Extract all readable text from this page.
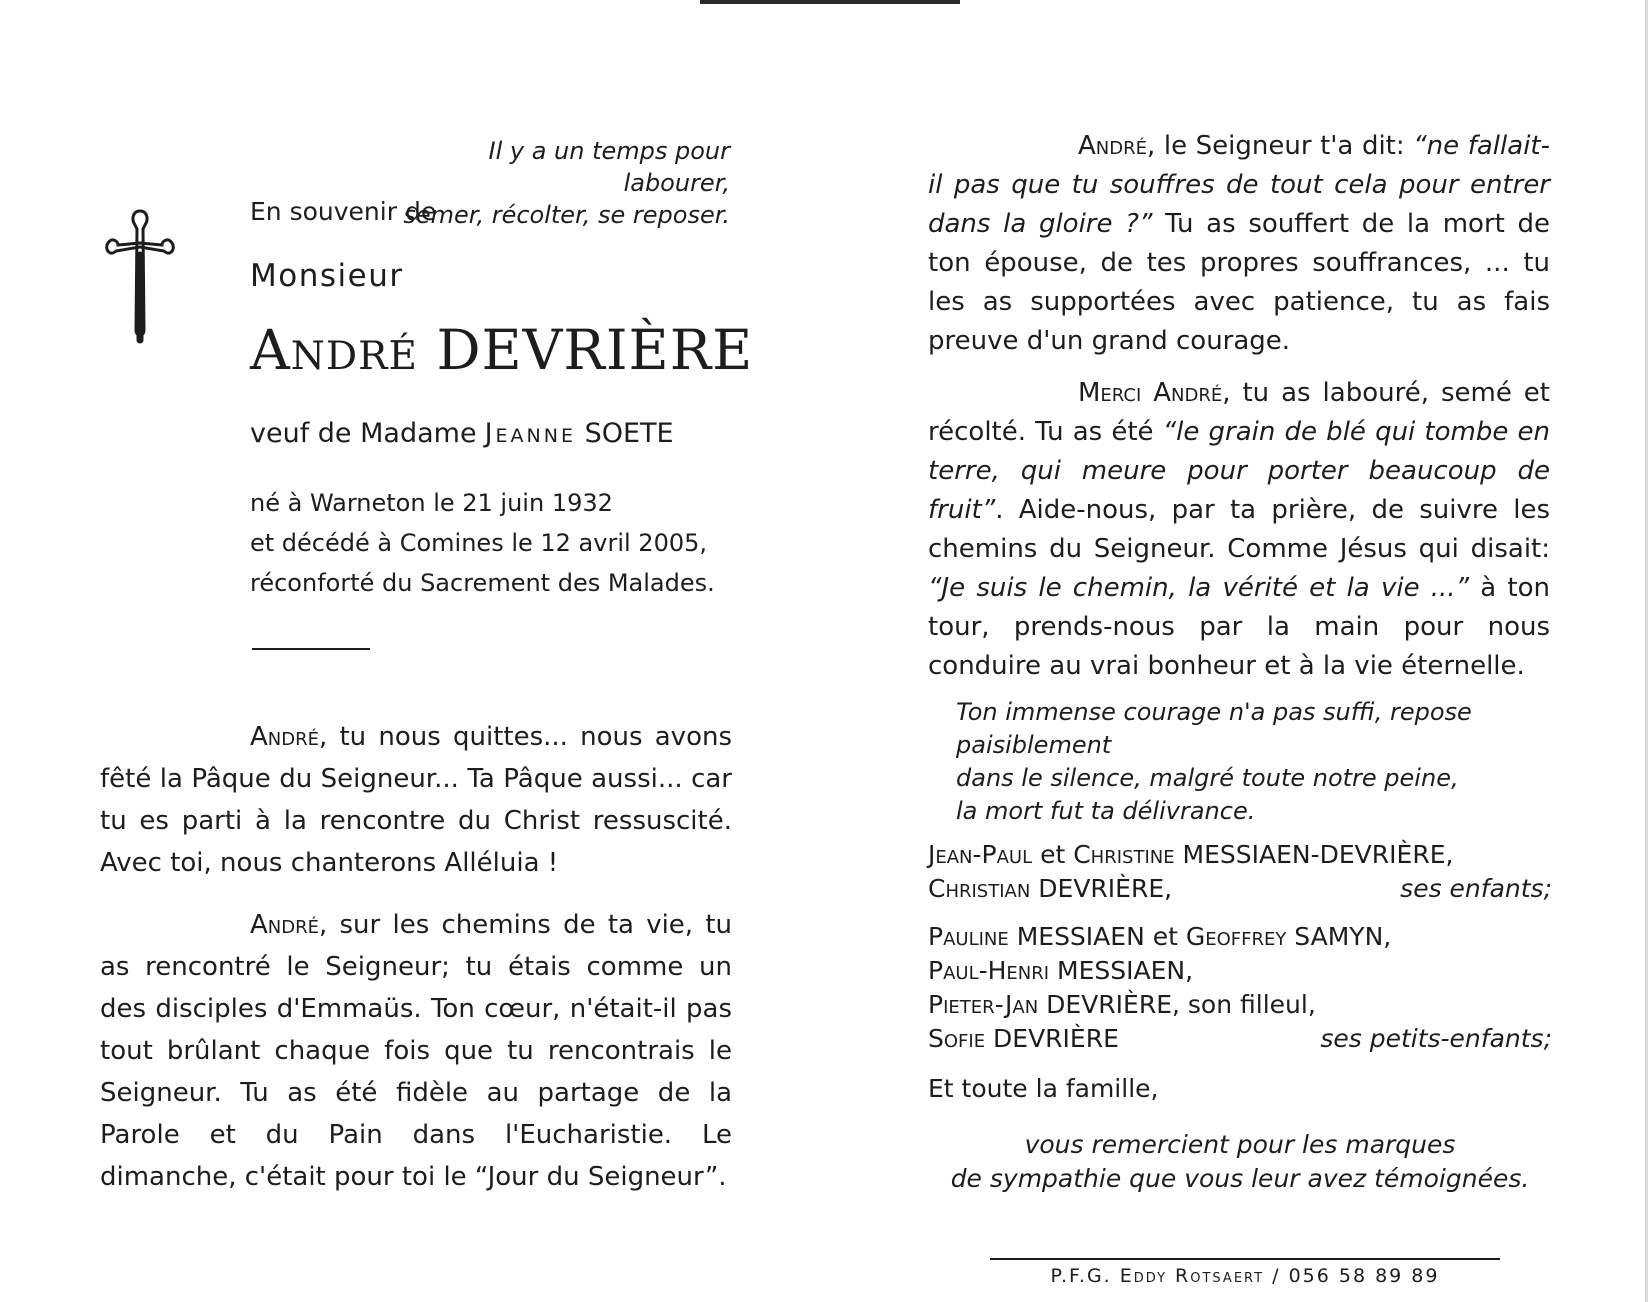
Il y a un temps pour labourer,
semer, récolter, se reposer.
En souvenir de
Monsieur
André DEVRIÈRE
veuf de Madame Jeanne SOETE
né à Warneton le 21 juin 1932
et décédé à Comines le 12 avril 2005,
réconforté du Sacrement des Malades.
André, tu nous quittes... nous avons fêté la Pâque du Seigneur... Ta Pâque aussi... car tu es parti à la rencontre du Christ ressuscité. Avec toi, nous chanterons Alléluia !
André, sur les chemins de ta vie, tu as rencontré le Seigneur; tu étais comme un des disciples d'Emmaüs. Ton cœur, n'était-il pas tout brûlant chaque fois que tu rencontrais le Seigneur. Tu as été fidèle au partage de la Parole et du Pain dans l'Eucharistie. Le dimanche, c'était pour toi le “Jour du Seigneur”.
André, le Seigneur t'a dit: “ne fallait-il pas que tu souffres de tout cela pour entrer dans la gloire ?” Tu as souffert de la mort de ton épouse, de tes propres souffrances, ... tu les as supportées avec patience, tu as fais preuve d'un grand courage.
Merci André, tu as labouré, semé et récolté. Tu as été “le grain de blé qui tombe en terre, qui meure pour porter beaucoup de fruit”. Aide-nous, par ta prière, de suivre les chemins du Seigneur. Comme Jésus qui disait: “Je suis le chemin, la vérité et la vie ...” à ton tour, prends-nous par la main pour nous conduire au vrai bonheur et à la vie éternelle.
Ton immense courage n'a pas suffi, repose paisiblement
dans le silence, malgré toute notre peine,
la mort fut ta délivrance.
Jean-Paul et Christine MESSIAEN-DEVRIÈRE,
Christian DEVRIÈRE,	ses enfants;
Pauline MESSIAEN et Geoffrey SAMYN,
Paul-Henri MESSIAEN,
Pieter-Jan DEVRIÈRE, son filleul,
Sofie DEVRIÈRE	ses petits-enfants;
Et toute la famille,
vous remercient pour les marques
de sympathie que vous leur avez témoignées.
P.F.G. Eddy Rotsaert / 056 58 89 89
